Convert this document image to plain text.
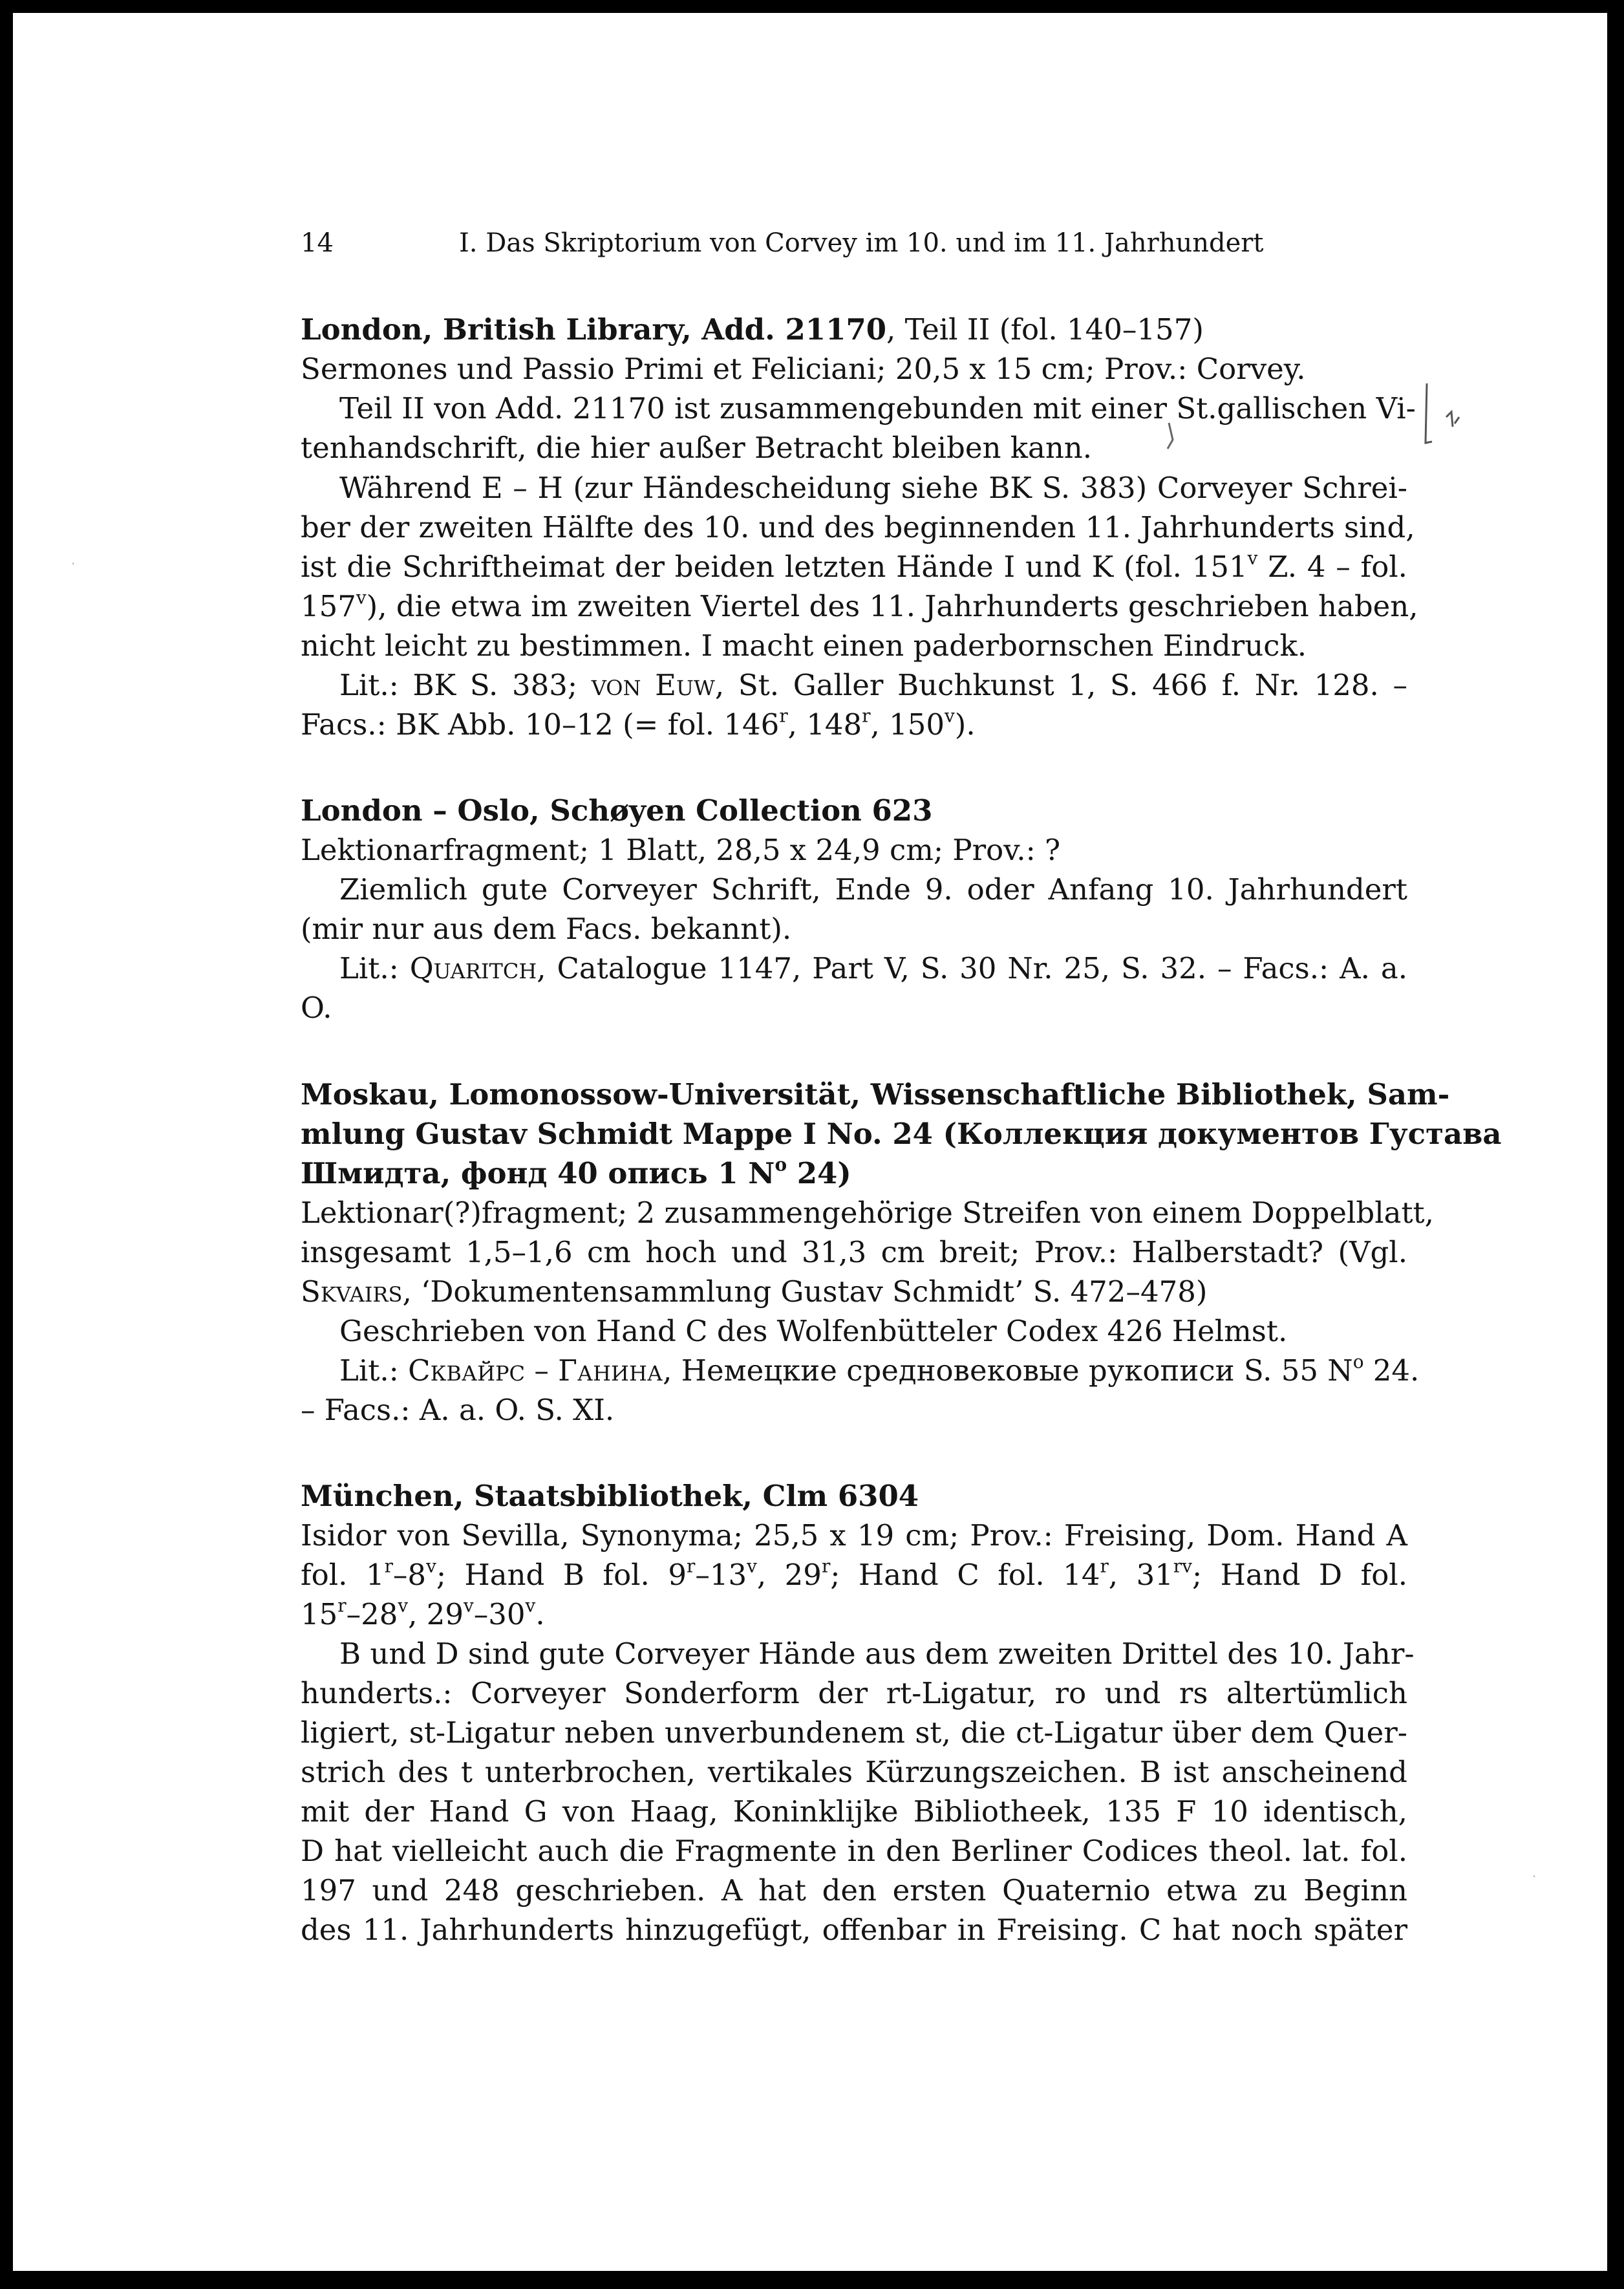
14	I. Das Skriptorium von Corvey im 10. und im 11. Jahrhundert
London, British Library, Add. 21170, Teil II (fol. 140–157)
Sermones und Passio Primi et Feliciani; 20,5 x 15 cm; Prov.: Corvey.
Teil II von Add. 21170 ist zusammengebunden mit einer St.gallischen Vi-
tenhandschrift, die hier außer Betracht bleiben kann.
Während E – H (zur Händescheidung siehe BK S. 383) Corveyer Schrei-
ber der zweiten Hälfte des 10. und des beginnenden 11. Jahrhunderts sind,
ist die Schriftheimat der beiden letzten Hände I und K (fol. 151$^v$ Z. 4 – fol.
157$^v$), die etwa im zweiten Viertel des 11. Jahrhunderts geschrieben haben,
nicht leicht zu bestimmen. I macht einen paderbornschen Eindruck.
Lit.: BK S. 383; von Euw, St. Galler Buchkunst 1, S. 466 f. Nr. 128. –
Facs.: BK Abb. 10–12 (= fol. 146$^r$, 148$^r$, 150$^v$).
London – Oslo, Schøyen Collection 623
Lektionarfragment; 1 Blatt, 28,5 x 24,9 cm; Prov.: ?
Ziemlich gute Corveyer Schrift, Ende 9. oder Anfang 10. Jahrhundert
(mir nur aus dem Facs. bekannt).
Lit.: Quaritch, Catalogue 1147, Part V, S. 30 Nr. 25, S. 32. – Facs.: A. a.
O.
Moskau, Lomonossow-Universität, Wissenschaftliche Bibliothek, Sam-
mlung Gustav Schmidt Mappe I No. 24 (Коллекция документов Густава
Шмидта, фонд 40 опись 1 $N^o$ 24)
Lektionar(?)fragment; 2 zusammengehörige Streifen von einem Doppelblatt,
insgesamt 1,5–1,6 cm hoch und 31,3 cm breit; Prov.: Halberstadt? (Vgl.
Skvairs, ‘Dokumentensammlung Gustav Schmidt’ S. 472–478)
Geschrieben von Hand C des Wolfenbütteler Codex 426 Helmst.
Lit.: Сквайрс – Ганина, Немецкие средновековые рукописи S. 55 $N^o$ 24.
– Facs.: A. a. O. S. XI.
München, Staatsbibliothek, Clm 6304
Isidor von Sevilla, Synonyma; 25,5 x 19 cm; Prov.: Freising, Dom. Hand A
fol. 1$^r$–8$^v$; Hand B fol. 9$^r$–13$^v$, 29$^r$; Hand C fol. 14$^r$, $31^{rv}$; Hand D fol.
15$^r$–28$^v$, 29$^v$–30$^v$.
B und D sind gute Corveyer Hände aus dem zweiten Drittel des 10. Jahr-
hunderts.: Corveyer Sonderform der rt-Ligatur, ro und rs altertümlich
ligiert, st-Ligatur neben unverbundenem st, die ct-Ligatur über dem Quer-
strich des t unterbrochen, vertikales Kürzungszeichen. B ist anscheinend
mit der Hand G von Haag, Koninklijke Bibliotheek, 135 F 10 identisch,
D hat vielleicht auch die Fragmente in den Berliner Codices theol. lat. fol.
197 und 248 geschrieben. A hat den ersten Quaternio etwa zu Beginn
des 11. Jahrhunderts hinzugefügt, offenbar in Freising. C hat noch später
·
·
